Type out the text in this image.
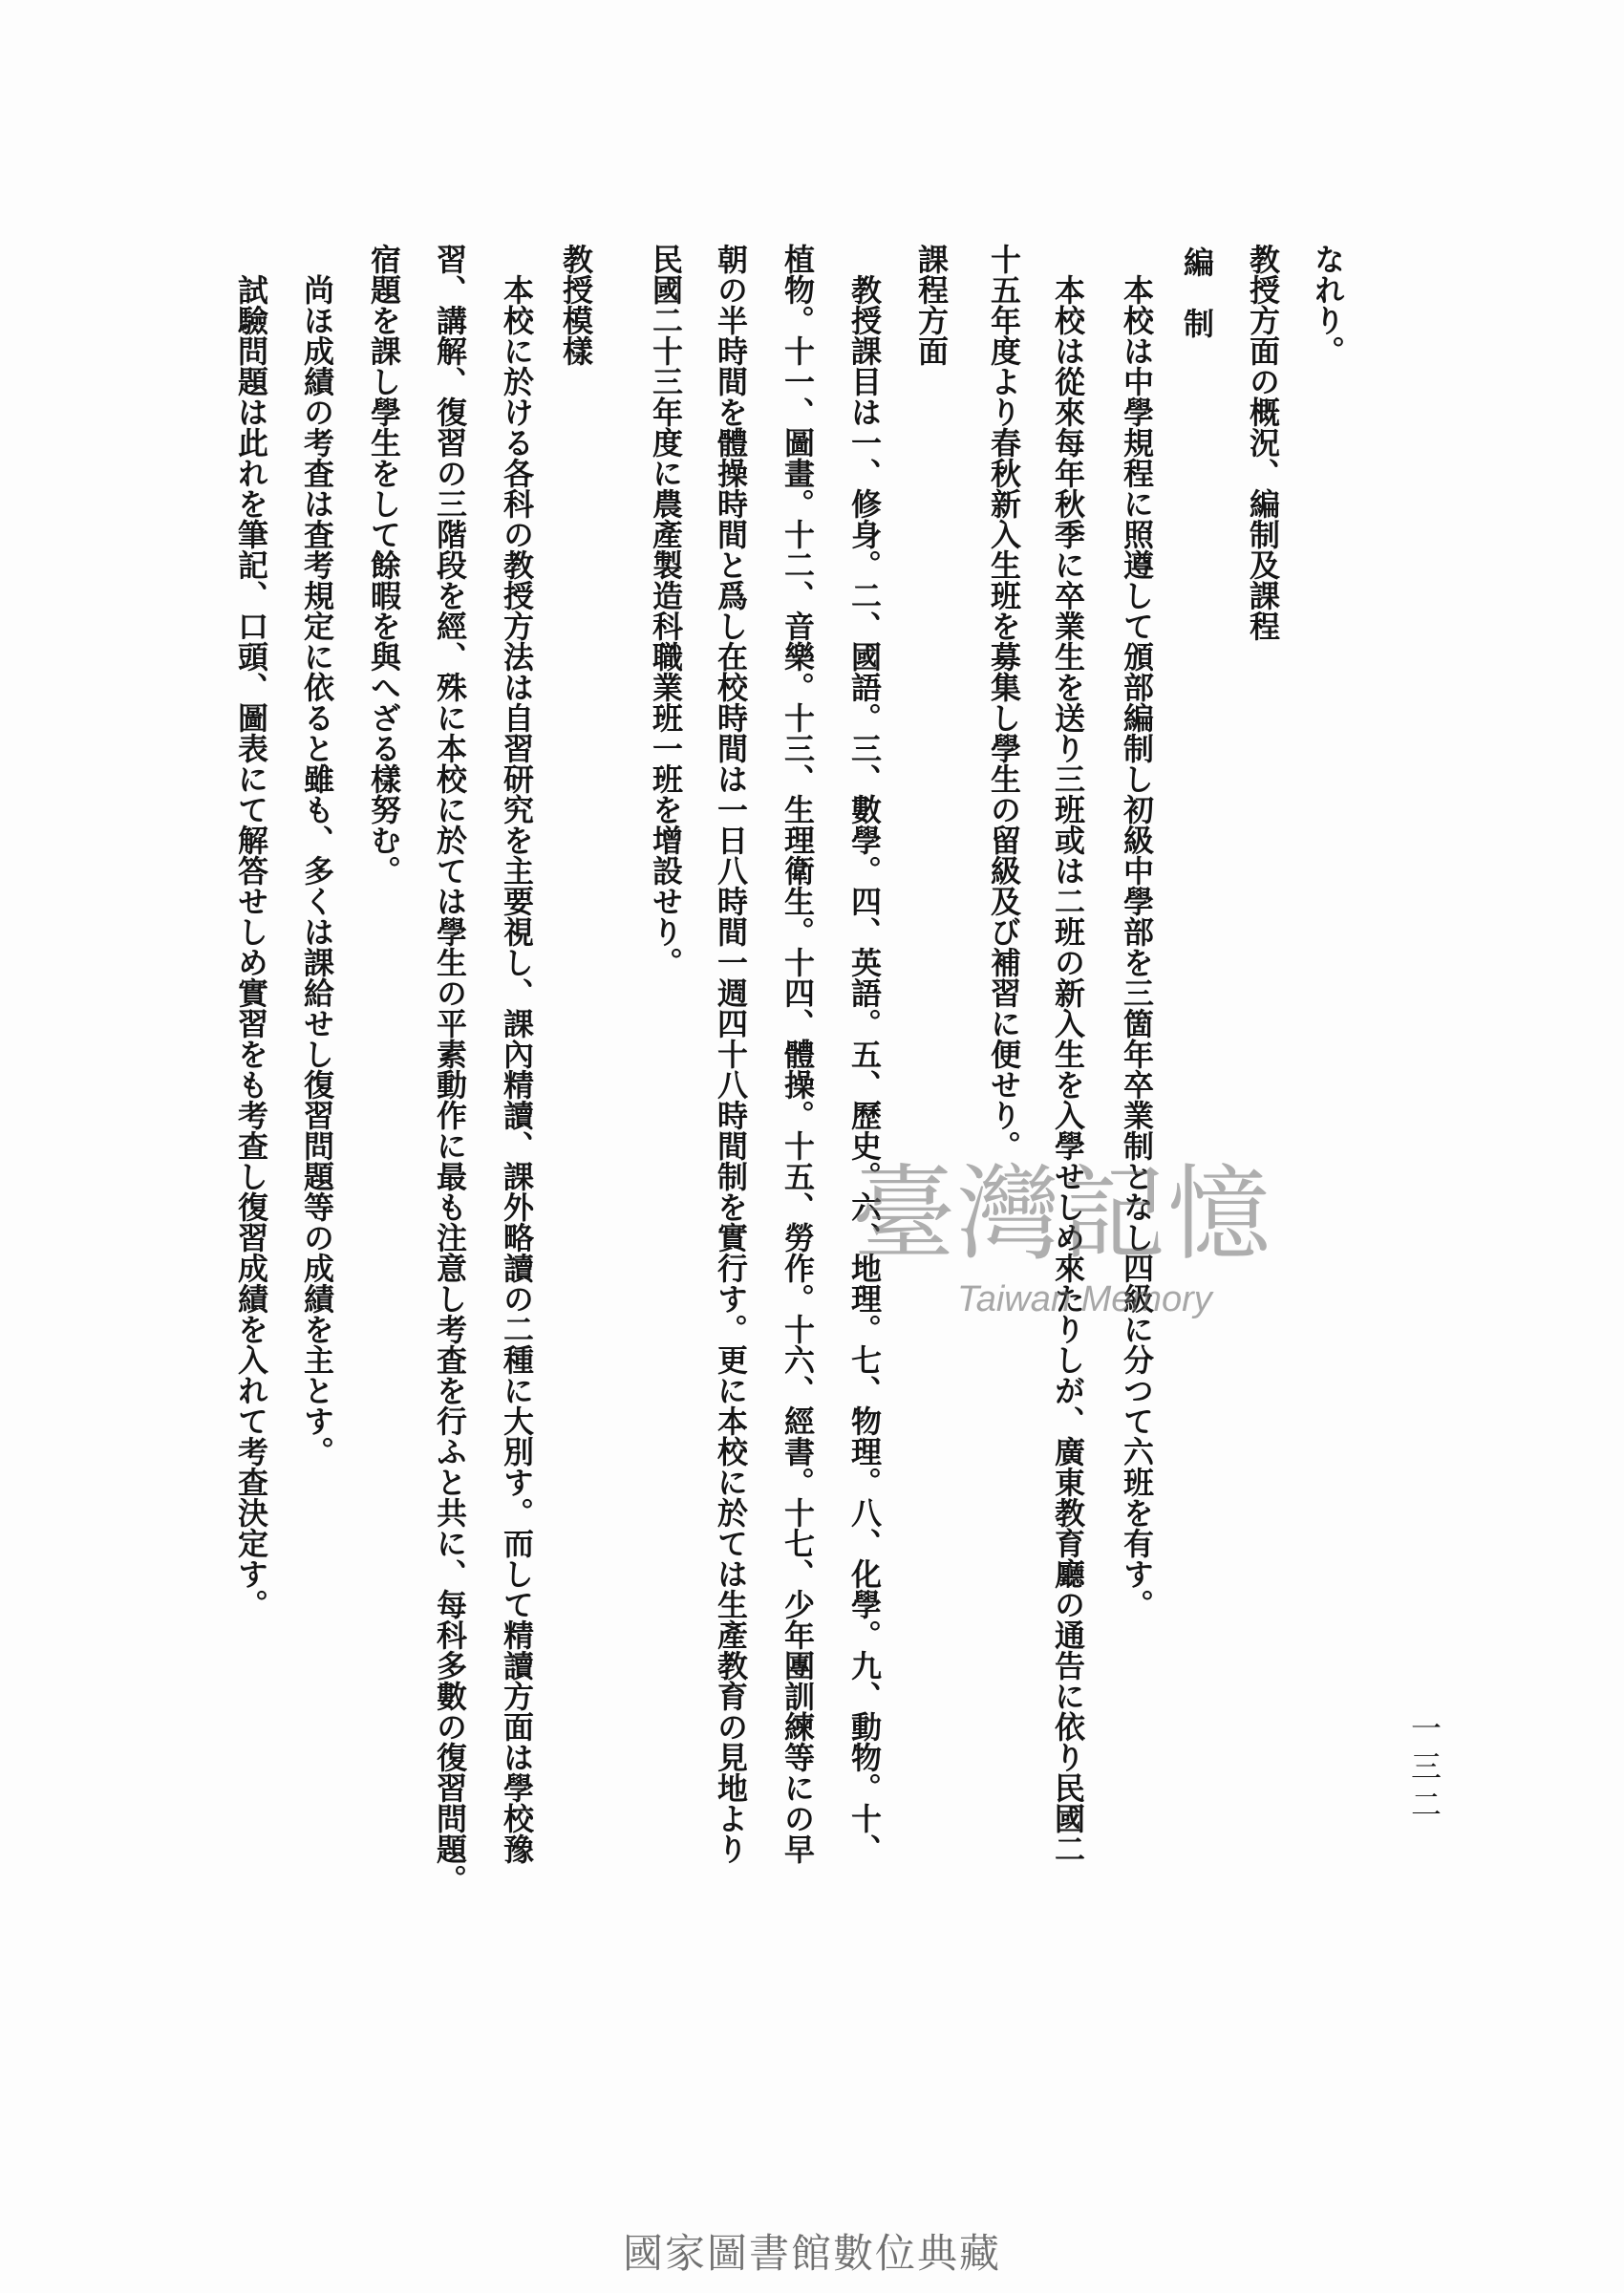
一三二
なれり。
教授方面の概況、編制及課程
編　制
本校は中學規程に照遵して頒部編制し初級中學部を三箇年卒業制となし四級に分つて六班を有す。
本校は從來每年秋季に卒業生を送り三班或は二班の新入生を入學せしめ來たりしが、廣東教育廳の通告に依り民國二
十五年度より春秋新入生班を募集し學生の留級及び補習に便せり。
課程方面
教授課目は一、修身。二、國語。三、數學。四、英語。五、歷史。六、地理。七、物理。八、化學。九、動物。十、
植物。十一、圖畫。十二、音樂。十三、生理衛生。十四、體操。十五、勞作。十六、經書。十七、少年團訓練等にの早
朝の半時間を體操時間と爲し在校時間は一日八時間一週四十八時間制を實行す。更に本校に於ては生產教育の見地より
民國二十三年度に農產製造科職業班一班を增設せり。
教授模樣
本校に於ける各科の教授方法は自習研究を主要視し、課內精讀、課外略讀の二種に大別す。而して精讀方面は學校豫
習、講解、復習の三階段を經、殊に本校に於ては學生の平素動作に最も注意し考査を行ふと共に、每科多數の復習問題。
宿題を課し學生をして餘暇を與へざる樣努む。
尚ほ成績の考査は査考規定に依ると雖も、多くは課給せし復習問題等の成績を主とす。
試驗問題は此れを筆記、口頭、圖表にて解答せしめ實習をも考查し復習成績を入れて考查決定す。	臺灣記憶
Taiwan Memory
國家圖書館數位典藏
